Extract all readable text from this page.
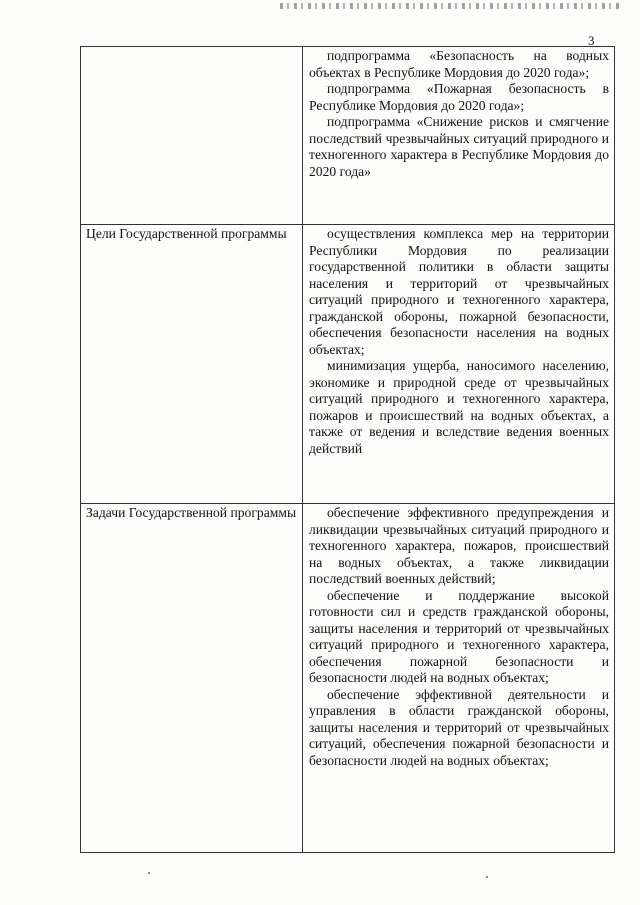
3

	подпрограмма «Безопасность на водных объектах в Республике Мордовия до 2020 года»;

подпрограмма «Пожарная безопасность в Республике Мордовия до 2020 года»;

подпрограмма «Снижение рисков и смягчение последствий чрезвычайных ситуаций природного и техногенного характера в Республике Мордовия до 2020 года»

Цели Государственной программы	осуществления комплекса мер на территории Республики Мордовия по реализации государственной политики в области защиты населения и территорий от чрезвычайных ситуаций природного и техногенного характера, гражданской обороны, пожарной безопасности, обеспечения безопасности населения на водных объектах;

минимизация ущерба, наносимого населению, экономике и природной среде от чрезвычайных ситуаций природного и техногенного характера, пожаров и происшествий на водных объектах, а также от ведения и вследствие ведения военных действий

Задачи Государственной программы	обеспечение эффективного предупреждения и ликвидации чрезвычайных ситуаций природного и техногенного характера, пожаров, происшествий на водных объектах, а также ликвидации последствий военных действий;

обеспечение и поддержание высокой готовности сил и средств гражданской обороны, защиты населения и территорий от чрезвычайных ситуаций природного и техногенного характера, обеспечения пожарной безопасности и безопасности людей на водных объектах;

обеспечение эффективной деятельности и управления в области гражданской обороны, защиты населения и территорий от чрезвычайных ситуаций, обеспечения пожарной безопасности и безопасности людей на водных объектах;
